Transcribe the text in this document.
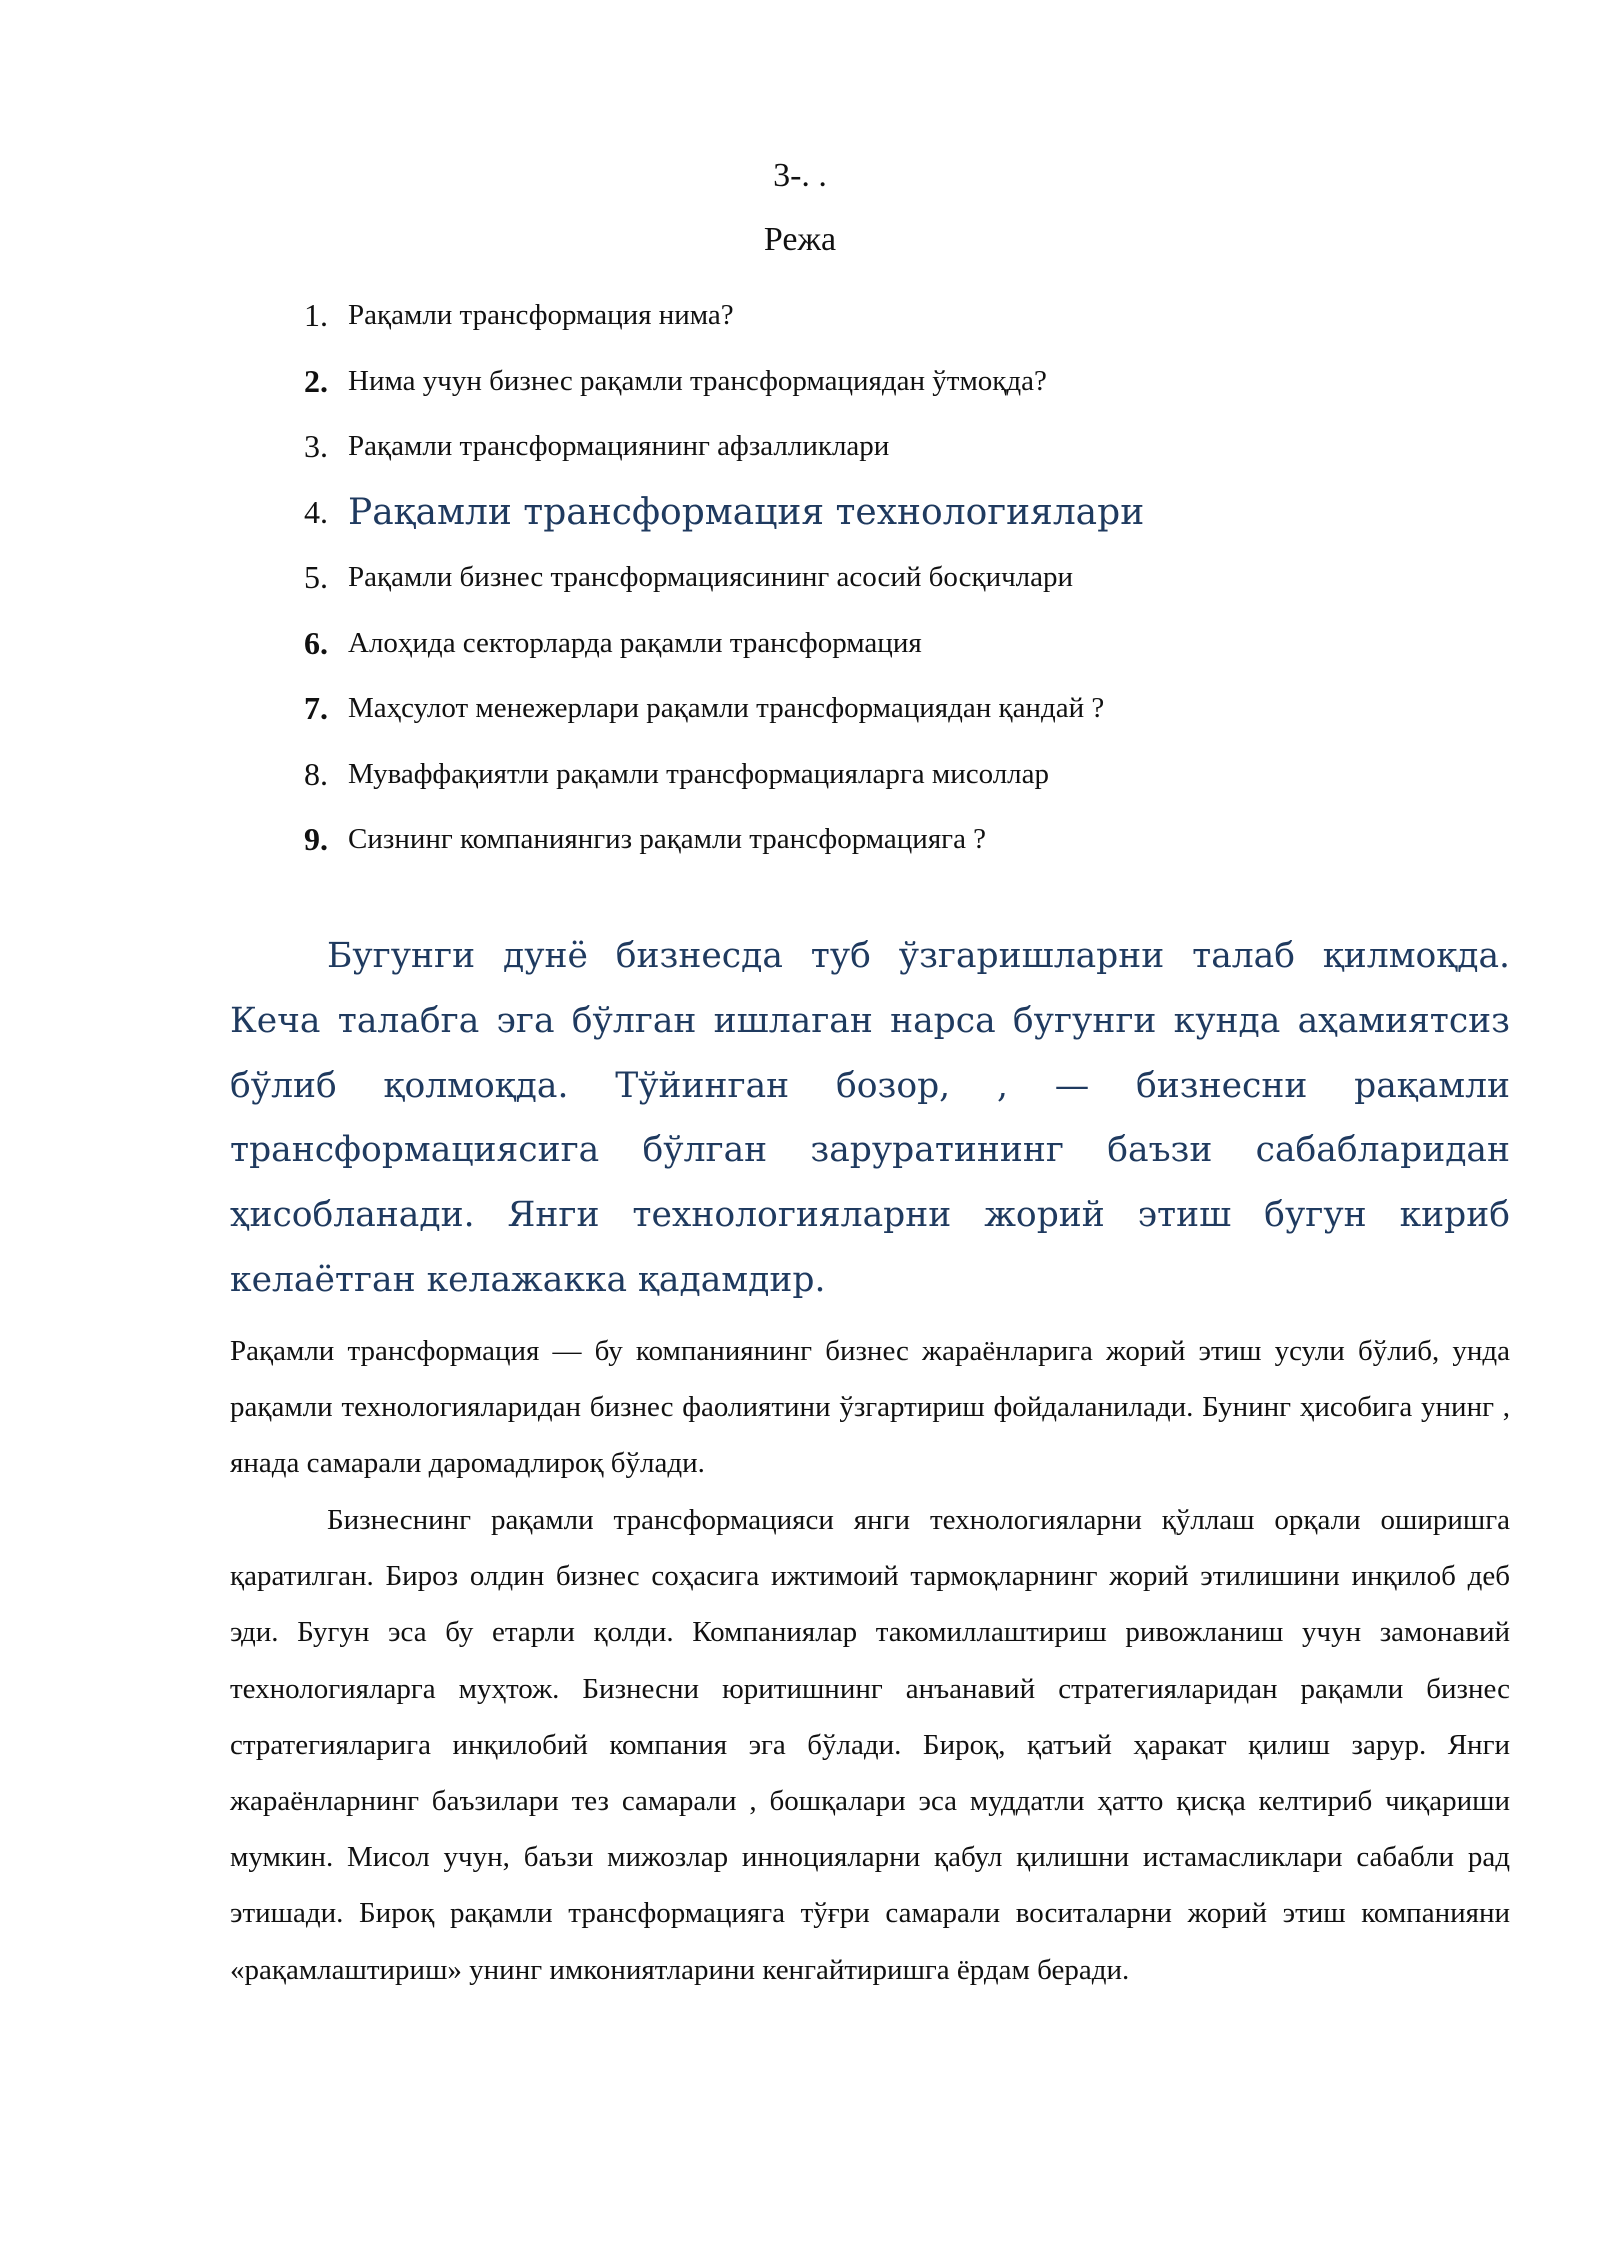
3-. .
Режа
1. Рақамли трансформация нима?
2. Нима учун бизнес рақамли трансформациядан ўтмоқда?
3. Рақамли трансформациянинг афзалликлари
4. Рақамли трансформация технологиялари
5. Рақамли бизнес трансформациясининг асосий босқичлари
6. Алоҳида секторларда рақамли трансформация
7. Маҳсулот менежерлари рақамли трансформациядан қандай ?
8. Муваффақиятли рақамли трансформацияларга мисоллар
9. Сизнинг компаниянгиз рақамли трансформацияга ?

Бугунги дунё бизнесда туб ўзгаришларни талаб қилмоқда. Кеча талабга эга бўлган ишлаган нарса бугунги кунда аҳамиятсиз бўлиб қолмоқда. Тўйинган бозор, , — бизнесни рақамли трансформациясига бўлган заруратининг баъзи сабабларидан ҳисобланади. Янги технологияларни жорий этиш бугун кириб келаётган келажакка қадамдир.

Рақамли трансформация — бу компаниянинг бизнес жараёнларига жорий этиш усули бўлиб, унда рақамли технологияларидан бизнес фаолиятини ўзгартириш фойдаланилади. Бунинг ҳисобига унинг , янада самарали даромадлироқ бўлади.

Бизнеснинг рақамли трансформацияси янги технологияларни қўллаш орқали оширишга қаратилган. Бироз олдин бизнес соҳасига ижтимоий тармоқларнинг жорий этилишини инқилоб деб эди. Бугун эса бу етарли қолди. Компаниялар такомиллаштириш ривожланиш учун замонавий технологияларга муҳтож. Бизнесни юритишнинг анъанавий стратегияларидан рақамли бизнес стратегияларига инқилобий компания эга бўлади. Бироқ, қатъий ҳаракат қилиш зарур. Янги жараёнларнинг баъзилари тез самарали , бошқалари эса муддатли ҳатто қисқа келтириб чиқариши мумкин. Мисол учун, баъзи мижозлар инноцияларни қабул қилишни истамасликлари сабабли рад этишади. Бироқ рақамли трансформацияга тўғри самарали воситаларни жорий этиш компанияни «рақамлаштириш» унинг имкониятларини кенгайтиришга ёрдам беради.
